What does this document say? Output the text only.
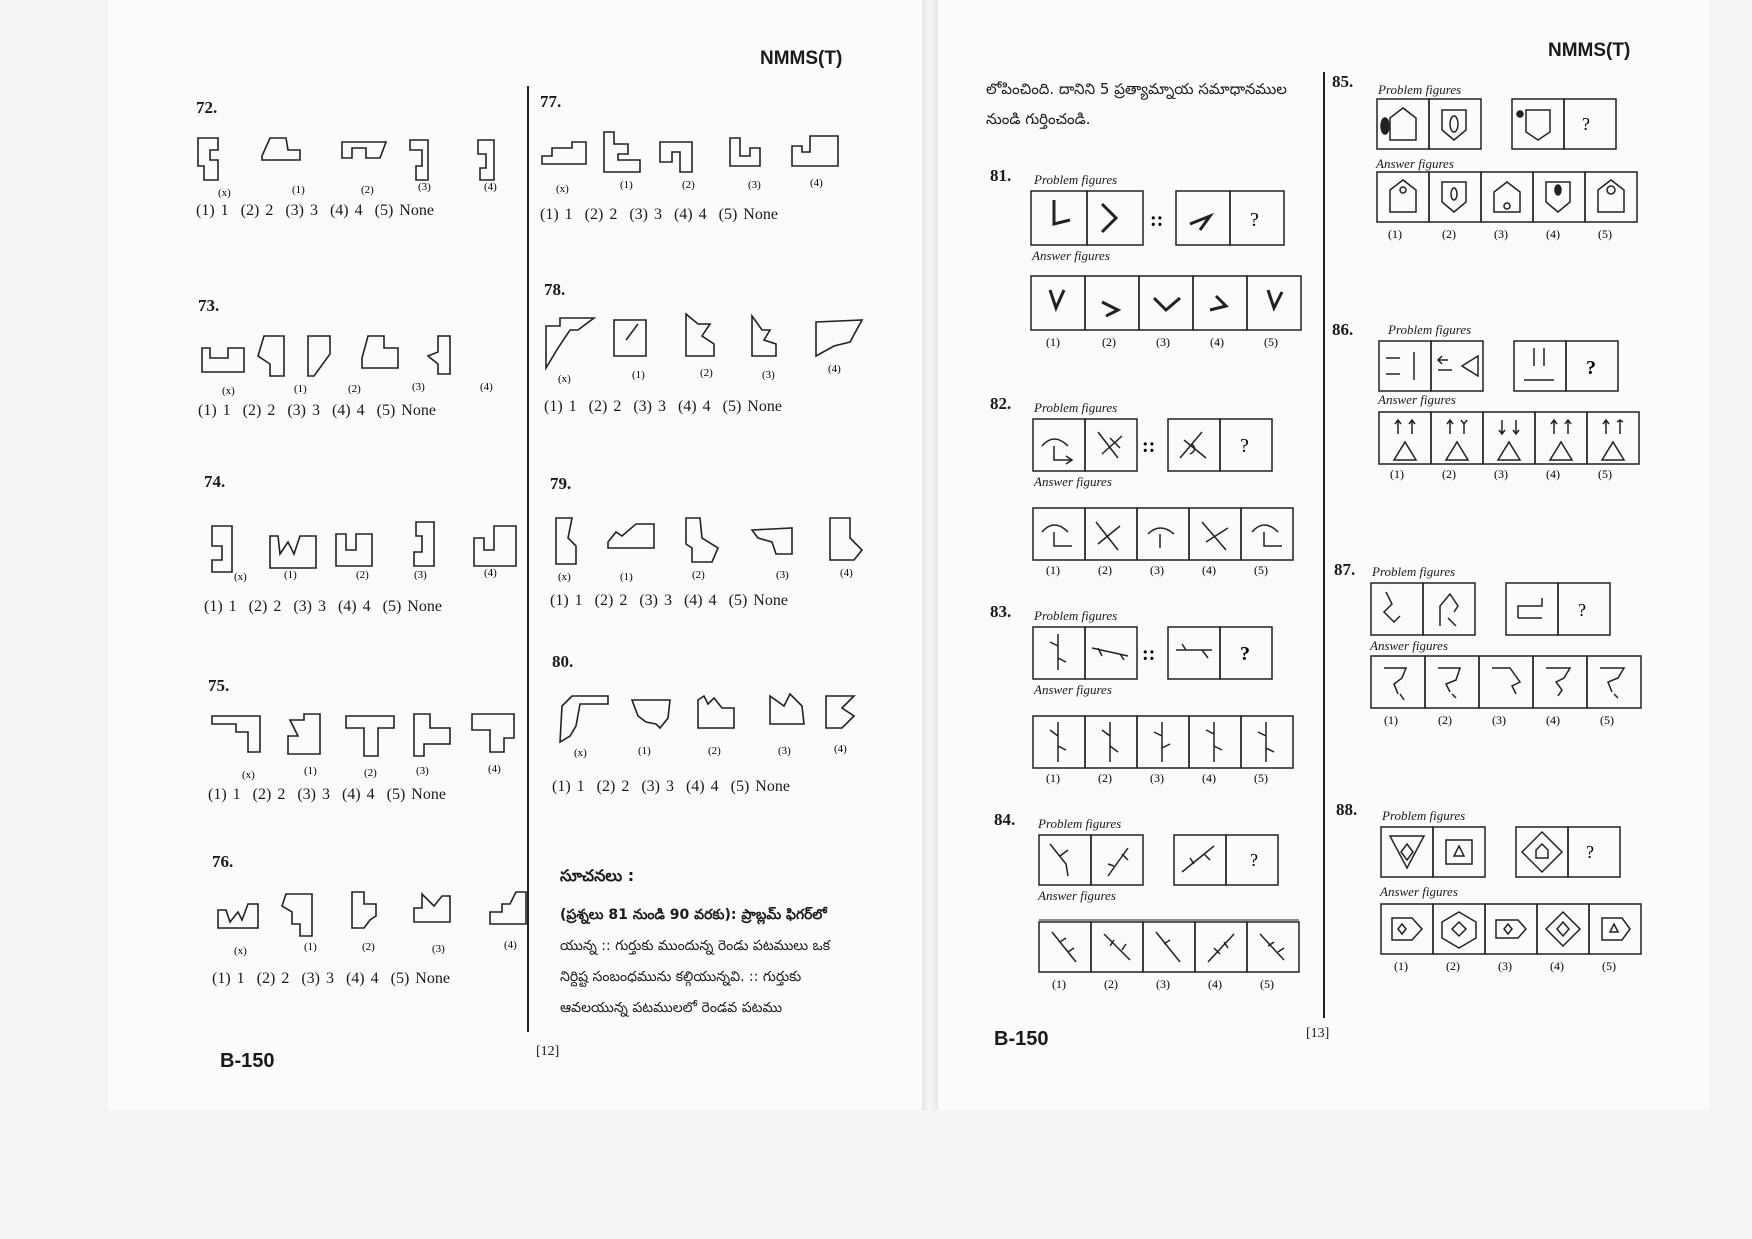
NMMS(T)
B-150	[12]
72.
(x)	(1)	(2)	(3)	(4)
(1) 1 (2) 2 (3) 3 (4) 4 (5) None
73.
(x)	(1)	(2)	(3)	(4)
(1) 1 (2) 2 (3) 3 (4) 4 (5) None
74.
(x)	(1)	(2)	(3)	(4)
(1) 1 (2) 2 (3) 3 (4) 4 (5) None
75.
(x)	(1)	(2)	(3)	(4)
(1) 1 (2) 2 (3) 3 (4) 4 (5) None
76.
(x)	(1)	(2)	(3)	(4)
(1) 1 (2) 2 (3) 3 (4) 4 (5) None
77.
(x)	(1)	(2)	(3)	(4)
(1) 1 (2) 2 (3) 3 (4) 4 (5) None
78.
(x)	(1)	(2)	(3)	(4)
(1) 1 (2) 2 (3) 3 (4) 4 (5) None
79.
(x)	(1)	(2)	(3)	(4)
(1) 1 (2) 2 (3) 3 (4) 4 (5) None
80.
(x)	(1)	(2)	(3)	(4)
(1) 1 (2) 2 (3) 3 (4) 4 (5) None
సూచనలు :
(ప్రశ్నలు 81 నుండి 90 వరకు): ప్రాబ్లమ్ ఫిగర్‌లో
యున్న :: గుర్తుకు ముందున్న రెండు పటములు ఒక
నిర్దిష్ట సంబంధమును కల్గియున్నవి. :: గుర్తుకు
ఆవలయున్న పటములలో రెండవ పటము
NMMS(T)
B-150	[13]
లోపించింది. దానిని 5 ప్రత్యామ్నాయ సమాధానముల
నుండి గుర్తించండి.
81. Problem figures
::	?
(1)	(2)	(3)	(4)	(5)
Answer figures
82. Problem figures
::	?
(1)	(2)	(3)	(4)	(5)
Answer figures
83. Problem figures
::	?
(1)	(2)	(3)	(4)	(5)
Answer figures
84. Problem figures
?
(1)	(2)	(3)	(4)	(5)
Answer figures
85. Problem figures
?
(1)	(2)	(3)	(4)	(5)
Answer figures
86.	Problem figures
?
(1)	(2)	(3)	(4)	(5)
Answer figures
87. Problem figures
?
(1)	(2)	(3)	(4)	(5)
Answer figures
88. Problem figures
?
(1)	(2)	(3)	(4)	(5)
Answer figures
